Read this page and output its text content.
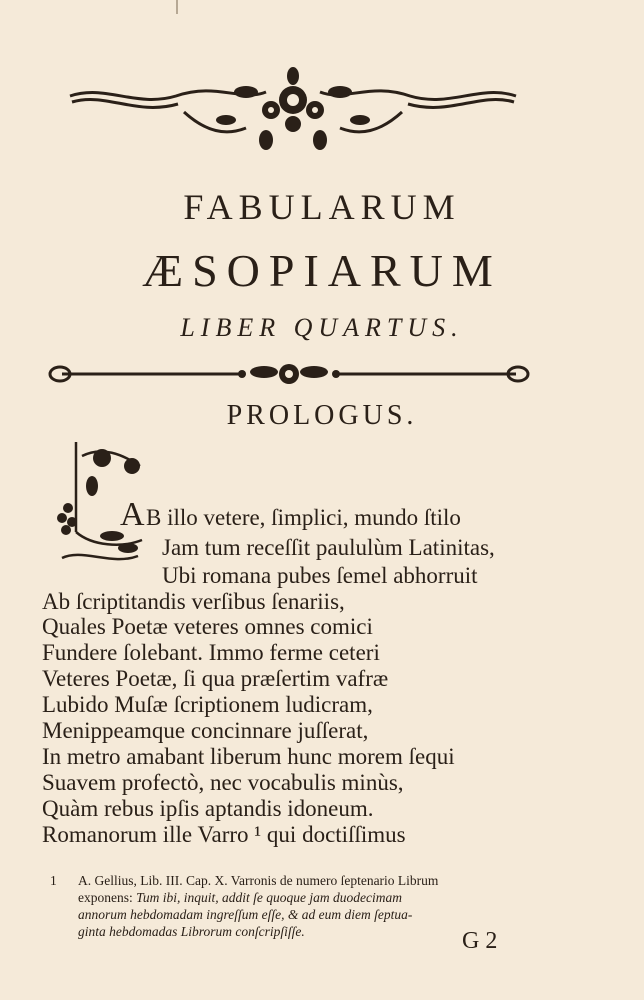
FABULARUM
ÆSOPIARUM
LIBER QUARTUS.
PROLOGUS.
A B illo vetere, ſimplici, mundo ſtilo
Jam tum receſſit paululùm Latinitas,
Ubi romana pubes ſemel abhorruit
Ab ſcriptitandis verſibus ſenariis,
Quales Poetæ veteres omnes comici
Fundere ſolebant. Immo ferme ceteri
Veteres Poetæ, ſi qua præſertim vafræ
Lubido Muſæ ſcriptionem ludicram,
Menippeamque concinnare juſſerat,
In metro amabant liberum hunc morem ſequi
Suavem profectò, nec vocabulis minùs,
Quàm rebus ipſis aptandis idoneum.
Romanorum ille Varro ¹ qui doctiſſimus
1 A. Gellius, Lib. III. Cap. X. Varronis de numero ſeptenario Librum
exponens: Tum ibi, inquit, addit ſe quoque jam duodecimam
annorum hebdomadam ingreſſum eſſe, & ad eum diem ſeptua-
ginta hebdomadas Librorum conſcripſiſſe.	G 2
